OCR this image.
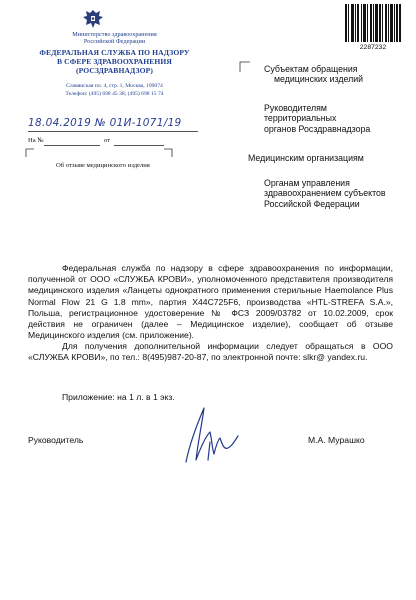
Министерство здравоохранения
Российской Федерации
ФЕДЕРАЛЬНАЯ СЛУЖБА ПО НАДЗОРУ
В СФЕРЕ ЗДРАВООХРАНЕНИЯ
(РОСЗДРАВНАДЗОР)
Славянская пл. 4, стр. 1, Москва, 109074
Телефон: (495) 698 45 38; (495) 698 15 74
18.04.2019 № 01И-1071/19
На №	от
Об отзыве медицинского изделия
2287232
Субъектам обращения
медицинских изделий
Руководителям
территориальных
органов Росздравнадзора
Медицинским организациям
Органам управления
здравоохранением субъектов
Российской Федерации

Федеральная служба по надзору в сфере здравоохранения по информации, полученной от ООО «СЛУЖБА КРОВИ», уполномоченного представителя производителя медицинского изделия «Ланцеты однократного применения стерильные Haemolance Plus Normal Flow 21 G 1.8 mm», партия X44C725F6, производства «HTL-STREFA S.A.», Польша, регистрационное удостоверение № ФСЗ 2009/03782 от 10.02.2009, срок действия не ограничен (далее – Медицинское изделие), сообщает об отзыве Медицинского изделия (см. приложение).

Для получения дополнительной информации следует обращаться в ООО «СЛУЖБА КРОВИ», по тел.: 8(495)987-20-87, по электронной почте: slkr@ yandex.ru.

Приложение: на 1 л. в 1 экз.
Руководитель	М.А. Мурашко
